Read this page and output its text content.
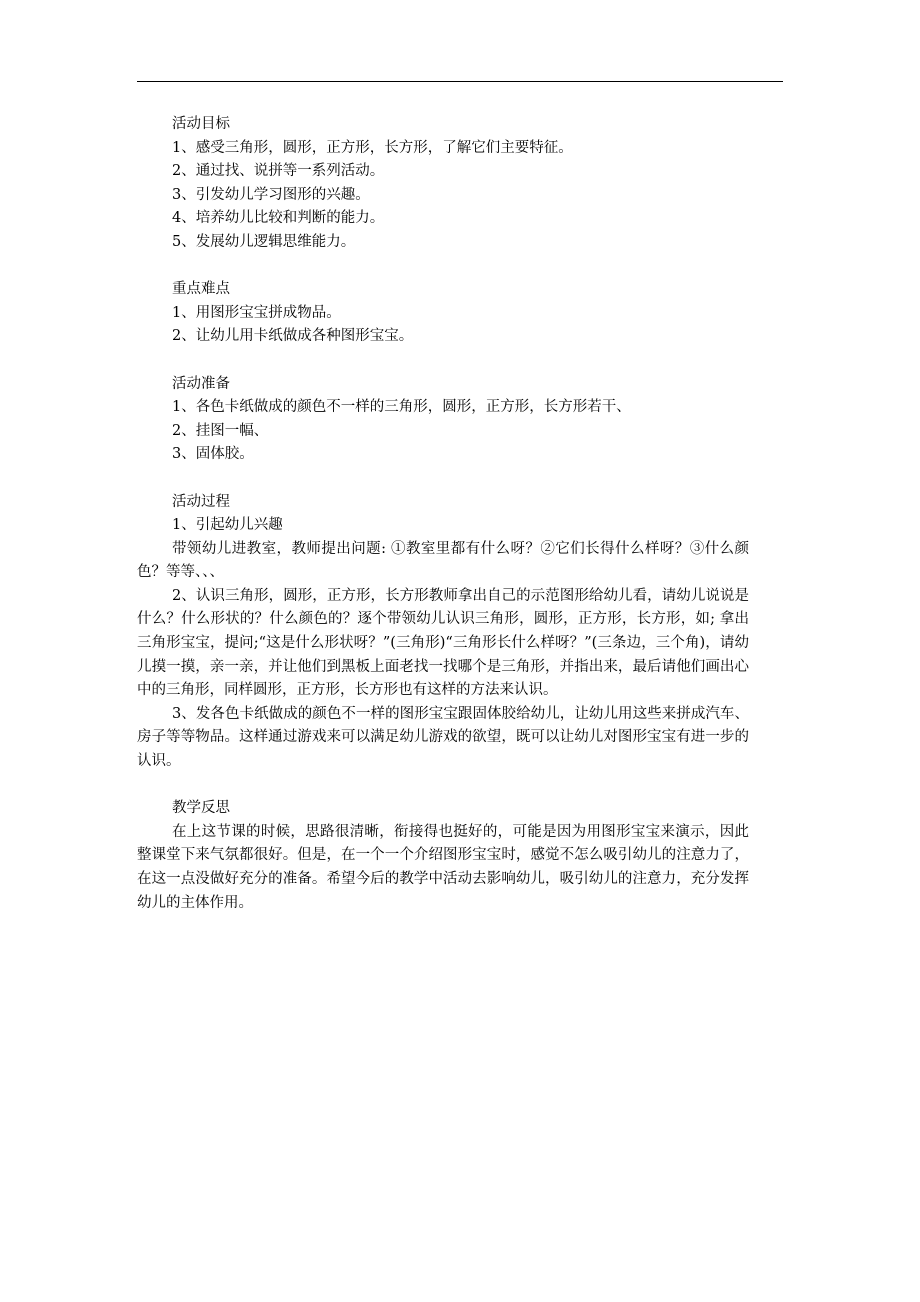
活动目标
1、感受三角形，圆形，正方形，长方形，了解它们主要特征。
2、通过找、说拼等一系列活动。
3、引发幼儿学习图形的兴趣。
4、培养幼儿比较和判断的能力。
5、发展幼儿逻辑思维能力。
重点难点
1、用图形宝宝拼成物品。
2、让幼儿用卡纸做成各种图形宝宝。
活动准备
1、各色卡纸做成的颜色不一样的三角形，圆形，正方形，长方形若干、
2、挂图一幅、
3、固体胶。
活动过程
1、引起幼儿兴趣
带领幼儿进教室，教师提出问题: ①教室里都有什么呀？②它们长得什么样呀？③什么颜色？等等、、、
2、认识三角形，圆形，正方形，长方形教师拿出自己的示范图形给幼儿看，请幼儿说说是什么？什么形状的？什么颜色的？逐个带领幼儿认识三角形，圆形，正方形，长方形，如; 拿出三角形宝宝，提问;“这是什么形状呀？”(三角形)“三角形长什么样呀？”(三条边，三个角)，请幼儿摸一摸，亲一亲，并让他们到黑板上面老找一找哪个是三角形，并指出来，最后请他们画出心中的三角形，同样圆形，正方形，长方形也有这样的方法来认识。
3、发各色卡纸做成的颜色不一样的图形宝宝跟固体胶给幼儿，让幼儿用这些来拼成汽车、房子等等物品。这样通过游戏来可以满足幼儿游戏的欲望，既可以让幼儿对图形宝宝有进一步的认识。
教学反思
在上这节课的时候，思路很清晰，衔接得也挺好的，可能是因为用图形宝宝来演示，因此整课堂下来气氛都很好。但是，在一个一个介绍图形宝宝时，感觉不怎么吸引幼儿的注意力了，在这一点没做好充分的准备。希望今后的教学中活动去影响幼儿，吸引幼儿的注意力，充分发挥幼儿的主体作用。
